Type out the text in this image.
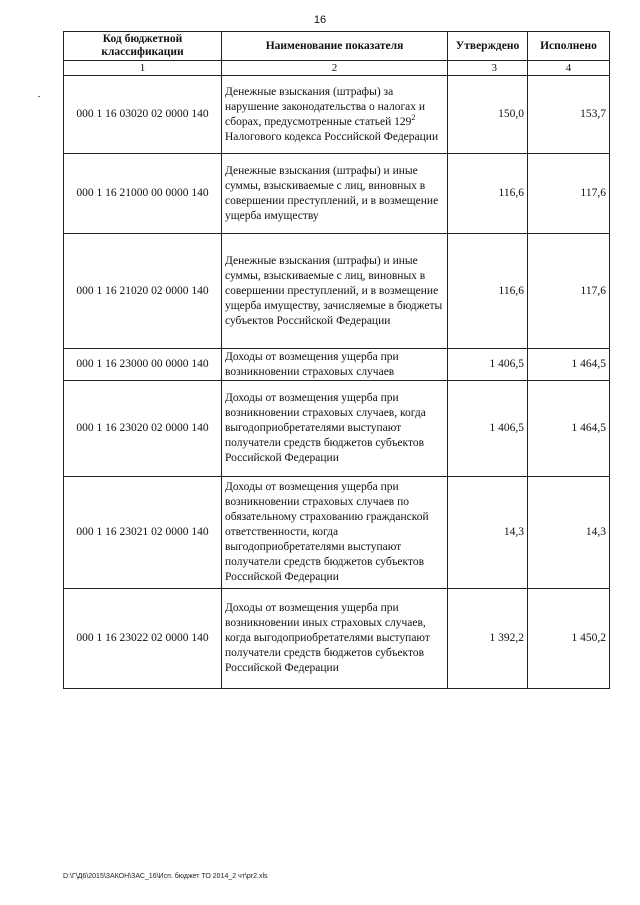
16
Код бюджетной классификации	Наименование показателя	Утверждено	Исполнено
1	2	3	4
000 1 16 03020 02 0000 140	Денежные взыскания (штрафы) за нарушение законодательства о налогах и сборах, предусмотренные статьей $129^2$ Налогового кодекса Российской Федерации	150,0	153,7
000 1 16 21000 00 0000 140	Денежные взыскания (штрафы) и иные суммы, взыскиваемые с лиц, виновных в совершении преступлений, и в возмещение ущерба имуществу	116,6	117,6
000 1 16 21020 02 0000 140	Денежные взыскания (штрафы) и иные суммы, взыскиваемые с лиц, виновных в совершении преступлений, и в возмещение ущерба имуществу, зачисляемые в бюджеты субъектов Российской Федерации	116,6	117,6
000 1 16 23000 00 0000 140	Доходы от возмещения ущерба при возникновении страховых случаев	1 406,5	1 464,5
000 1 16 23020 02 0000 140	Доходы от возмещения ущерба при возникновении страховых случаев, когда выгодоприобретателями выступают получатели средств бюджетов субъектов Российской Федерации	1 406,5	1 464,5
000 1 16 23021 02 0000 140	Доходы от возмещения ущерба при возникновении страховых случаев по обязательному страхованию гражданской ответственности, когда выгодоприобретателями выступают получатели средств бюджетов субъектов Российской Федерации	14,3	14,3
000 1 16 23022 02 0000 140	Доходы от возмещения ущерба при возникновении иных страховых случаев, когда выгодоприобретателями выступают получатели средств бюджетов субъектов Российской Федерации	1 392,2	1 450,2
D:\Г\Д6\2015\ЗАКОН\ЗАС_16\Исп. бюджет ТО 2014_2 чт\pr2.xls
